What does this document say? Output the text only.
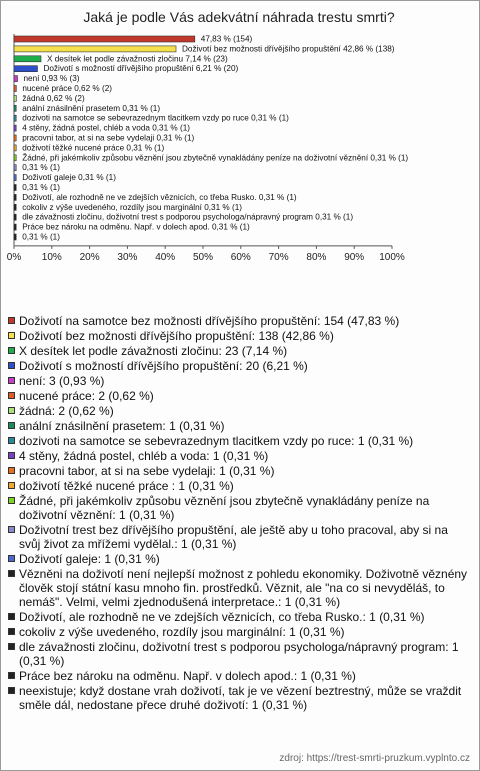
Jaká je podle Vás adekvátní náhrada trestu smrti?
47,83 % (154)
Doživotí bez možnosti dřívějšího propuštění 42,86 % (138)
X desítek let podle závažnosti zločinu 7,14 % (23)
Doživotí s možností dřívějšího propuštění 6,21 % (20)
není 0,93 % (3)
nucené práce 0,62 % (2)
žádná 0,62 % (2)
anální znásilnění prasetem 0,31 % (1)
dozivoti na samotce se sebevrazednym tlacitkem vzdy po ruce 0,31 % (1)
4 stěny, žádná postel, chléb a voda 0,31 % (1)
pracovni tabor, at si na sebe vydelaji 0,31 % (1)
doživotí těžké nucené práce 0,31 % (1)
Žádné, při jakémkoliv způsobu věznění jsou zbytečně vynakládány peníze na doživotní věznění 0,31 % (1)
0,31 % (1)
Doživotí galeje 0,31 % (1)
0,31 % (1)
Doživotí, ale rozhodně ne ve zdejších věznicích, co třeba Rusko. 0,31 % (1)
cokoliv z výše uvedeného, rozdíly jsou marginální 0,31 % (1)
dle závažnosti zločinu, doživotní trest s podporou psychologa/nápravný program 0,31 % (1)
Práce bez nároku na odměnu. Např. v dolech apod. 0,31 % (1)
0,31 % (1)
0% 10% 20% 30% 40% 50% 60% 70% 80% 90% 100%
Doživotí na samotce bez možnosti dřívějšího propuštění: 154 (47,83 %)
Doživotí bez možnosti dřívějšího propuštění: 138 (42,86 %)
X desítek let podle závažnosti zločinu: 23 (7,14 %)
Doživotí s možností dřívějšího propuštění: 20 (6,21 %)
není: 3 (0,93 %)
nucené práce: 2 (0,62 %)
žádná: 2 (0,62 %)
anální znásilnění prasetem: 1 (0,31 %)
dozivoti na samotce se sebevrazednym tlacitkem vzdy po ruce: 1 (0,31 %)
4 stěny, žádná postel, chléb a voda: 1 (0,31 %)
pracovni tabor, at si na sebe vydelaji: 1 (0,31 %)
doživotí těžké nucené práce : 1 (0,31 %)
Žádné, při jakémkoliv způsobu věznění jsou zbytečně vynakládány peníze na doživotní věznění: 1 (0,31 %)
Doživotní trest bez dřívějšího propuštění, ale ještě aby u toho pracoval, aby si na svůj život za mřížemi vydělal.: 1 (0,31 %)
Doživotí galeje: 1 (0,31 %)
Vězněni na doživotí není nejlepší možnost z pohledu ekonomiky. Doživotně věznény člověk stojí státní kasu mnoho fin. prostředků. Věznit, ale "na co si nevyděláš, to nemáš". Velmi, velmi zjednodušená interpretace.: 1 (0,31 %)
Doživotí, ale rozhodně ne ve zdejších věznicích, co třeba Rusko.: 1 (0,31 %)
cokoliv z výše uvedeného, rozdíly jsou marginální: 1 (0,31 %)
dle závažnosti zločinu, doživotní trest s podporou psychologa/nápravný program: 1 (0,31 %)
Práce bez nároku na odměnu. Např. v dolech apod.: 1 (0,31 %)
neexistuje; když dostane vrah doživotí, tak je ve vězení beztrestný, může se vraždit směle dál, nedostane přece druhé doživotí: 1 (0,31 %)
zdroj: https://trest-smrti-pruzkum.vyplnto.cz
